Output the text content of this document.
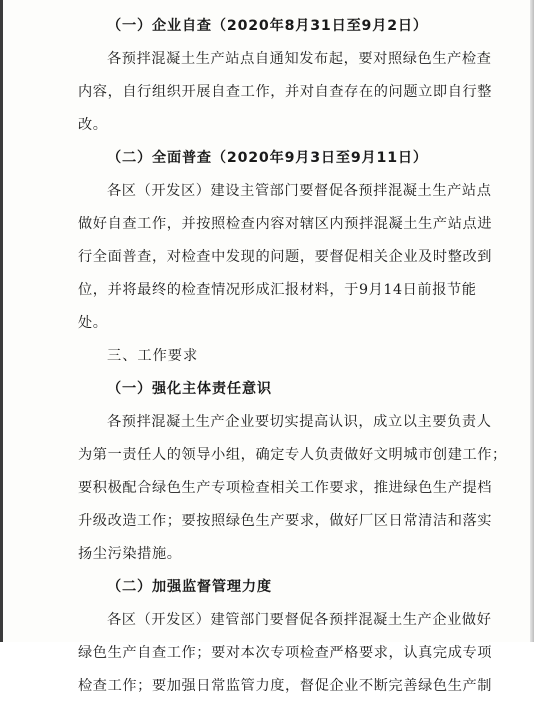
（一）企业自查（2020年8月31日至9月2日）
各预拌混凝土生产站点自通知发布起，要对照绿色生产检查
内容，自行组织开展自查工作，并对自查存在的问题立即自行整
改。
（二）全面普查（2020年9月3日至9月11日）
各区（开发区）建设主管部门要督促各预拌混凝土生产站点
做好自查工作，并按照检查内容对辖区内预拌混凝土生产站点进
行全面普查，对检查中发现的问题，要督促相关企业及时整改到
位，并将最终的检查情况形成汇报材料，于9月14日前报节能
处。
三、工作要求
（一）强化主体责任意识
各预拌混凝土生产企业要切实提高认识，成立以主要负责人
为第一责任人的领导小组，确定专人负责做好文明城市创建工作；
要积极配合绿色生产专项检查相关工作要求，推进绿色生产提档
升级改造工作；要按照绿色生产要求，做好厂区日常清洁和落实
扬尘污染措施。
（二）加强监督管理力度
各区（开发区）建管部门要督促各预拌混凝土生产企业做好
绿色生产自查工作；要对本次专项检查严格要求，认真完成专项
检查工作；要加强日常监管力度，督促企业不断完善绿色生产制
